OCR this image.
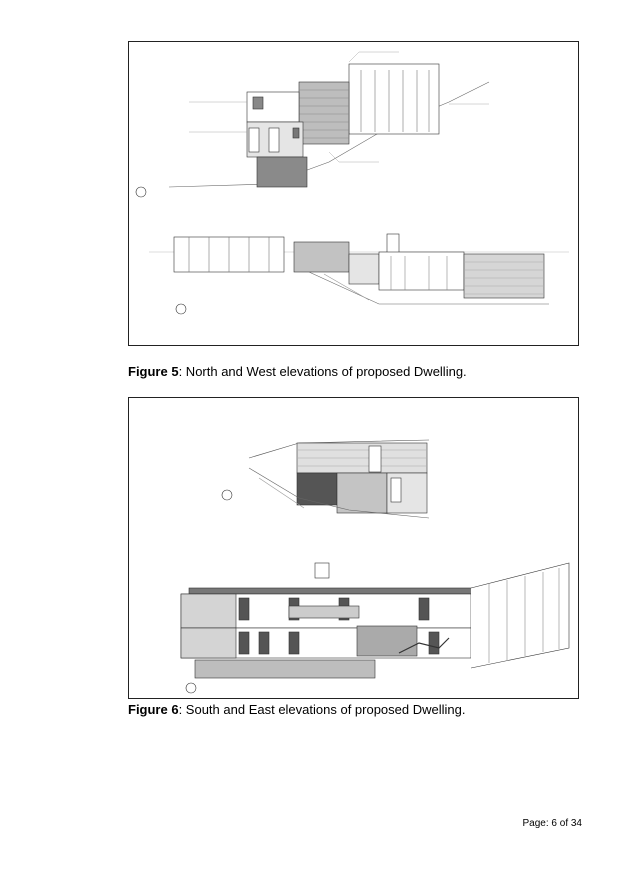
Figure 5: North and West elevations of proposed Dwelling.
Figure 6: South and East elevations of proposed Dwelling.
Page: 6 of 34
